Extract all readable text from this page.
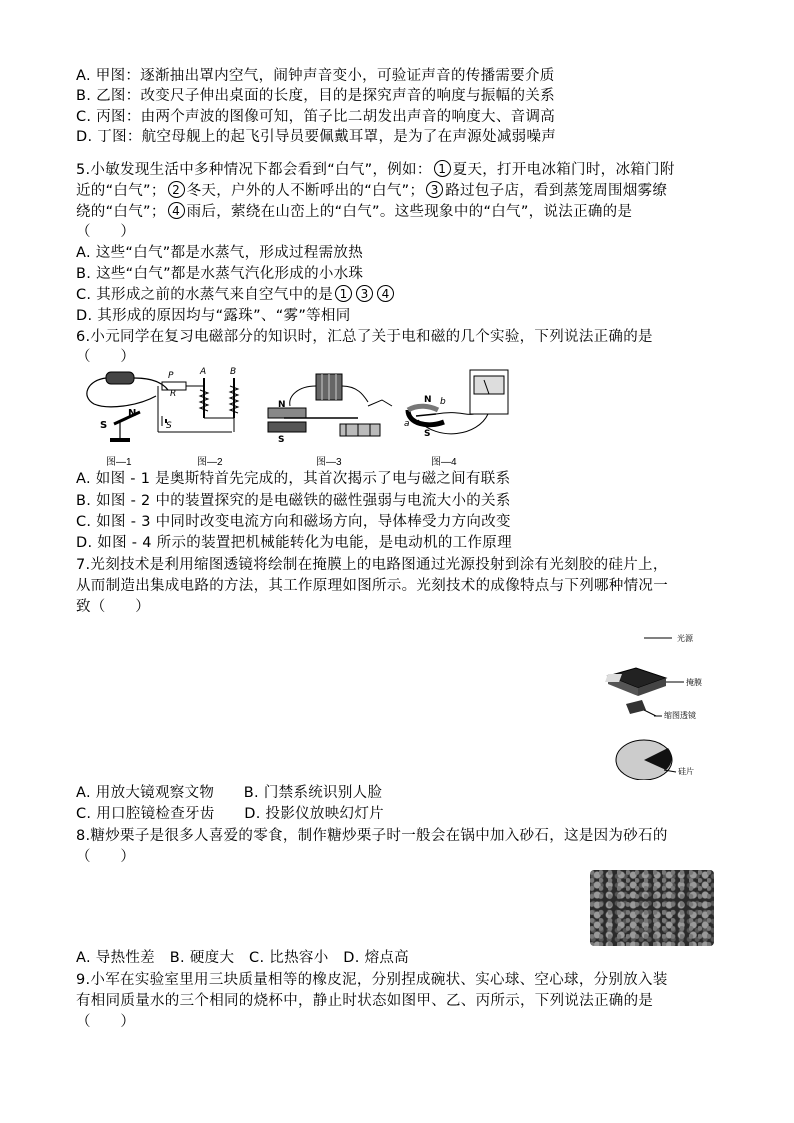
A. 甲图：逐渐抽出罩内空气，闹钟声音变小，可验证声音的传播需要介质
B. 乙图：改变尺子伸出桌面的长度，目的是探究声音的响度与振幅的关系
C. 丙图：由两个声波的图像可知，笛子比二胡发出声音的响度大、音调高
D. 丁图：航空母舰上的起飞引导员要佩戴耳罩，是为了在声源处减弱噪声
5.小敏发现生活中多种情况下都会看到“白气”，例如： 1 夏天，打开电冰箱门时，冰箱门附
近的“白气”； 2 冬天，户外的人不断呼出的“白气”； 3 路过包子店，看到蒸笼周围烟雾缭
绕的“白气”； 4 雨后，萦绕在山峦上的“白气”。这些现象中的“白气”，说法正确的是
（　　）
A. 这些“白气”都是水蒸气，形成过程需放热
B. 这些“白气”都是水蒸气汽化形成的小水珠
C. 其形成之前的水蒸气来自空气中的是 1 3 4
D. 其形成的原因均与“露珠”、“雾”等相同
6.小元同学在复习电磁部分的知识时，汇总了关于电和磁的几个实验，下列说法正确的是
（　　）
N
S
P	A	B
R
S
N
S
N
S
b
a
图—1	图—2	图—3	图—4
A. 如图 - 1 是奥斯特首先完成的，其首次揭示了电与磁之间有联系
B. 如图 - 2 中的装置探究的是电磁铁的磁性强弱与电流大小的关系
C. 如图 - 3 中同时改变电流方向和磁场方向，导体棒受力方向改变
D. 如图 - 4 所示的装置把机械能转化为电能，是电动机的工作原理
7.光刻技术是利用缩图透镜将绘制在掩膜上的电路图通过光源投射到涂有光刻胶的硅片上，
从而制造出集成电路的方法，其工作原理如图所示。光刻技术的成像特点与下列哪种情况一
致（　　）
光源
掩膜
缩图透镜
硅片
A. 用放大镜观察文物　　B. 门禁系统识别人脸
C. 用口腔镜检查牙齿　　D. 投影仪放映幻灯片
8.糖炒栗子是很多人喜爱的零食，制作糖炒栗子时一般会在锅中加入砂石，这是因为砂石的
（　　）
A. 导热性差　B. 硬度大　C. 比热容小　D. 熔点高
9.小军在实验室里用三块质量相等的橡皮泥，分别捏成碗状、实心球、空心球，分别放入装
有相同质量水的三个相同的烧杯中，静止时状态如图甲、乙、丙所示，下列说法正确的是
（　　）
